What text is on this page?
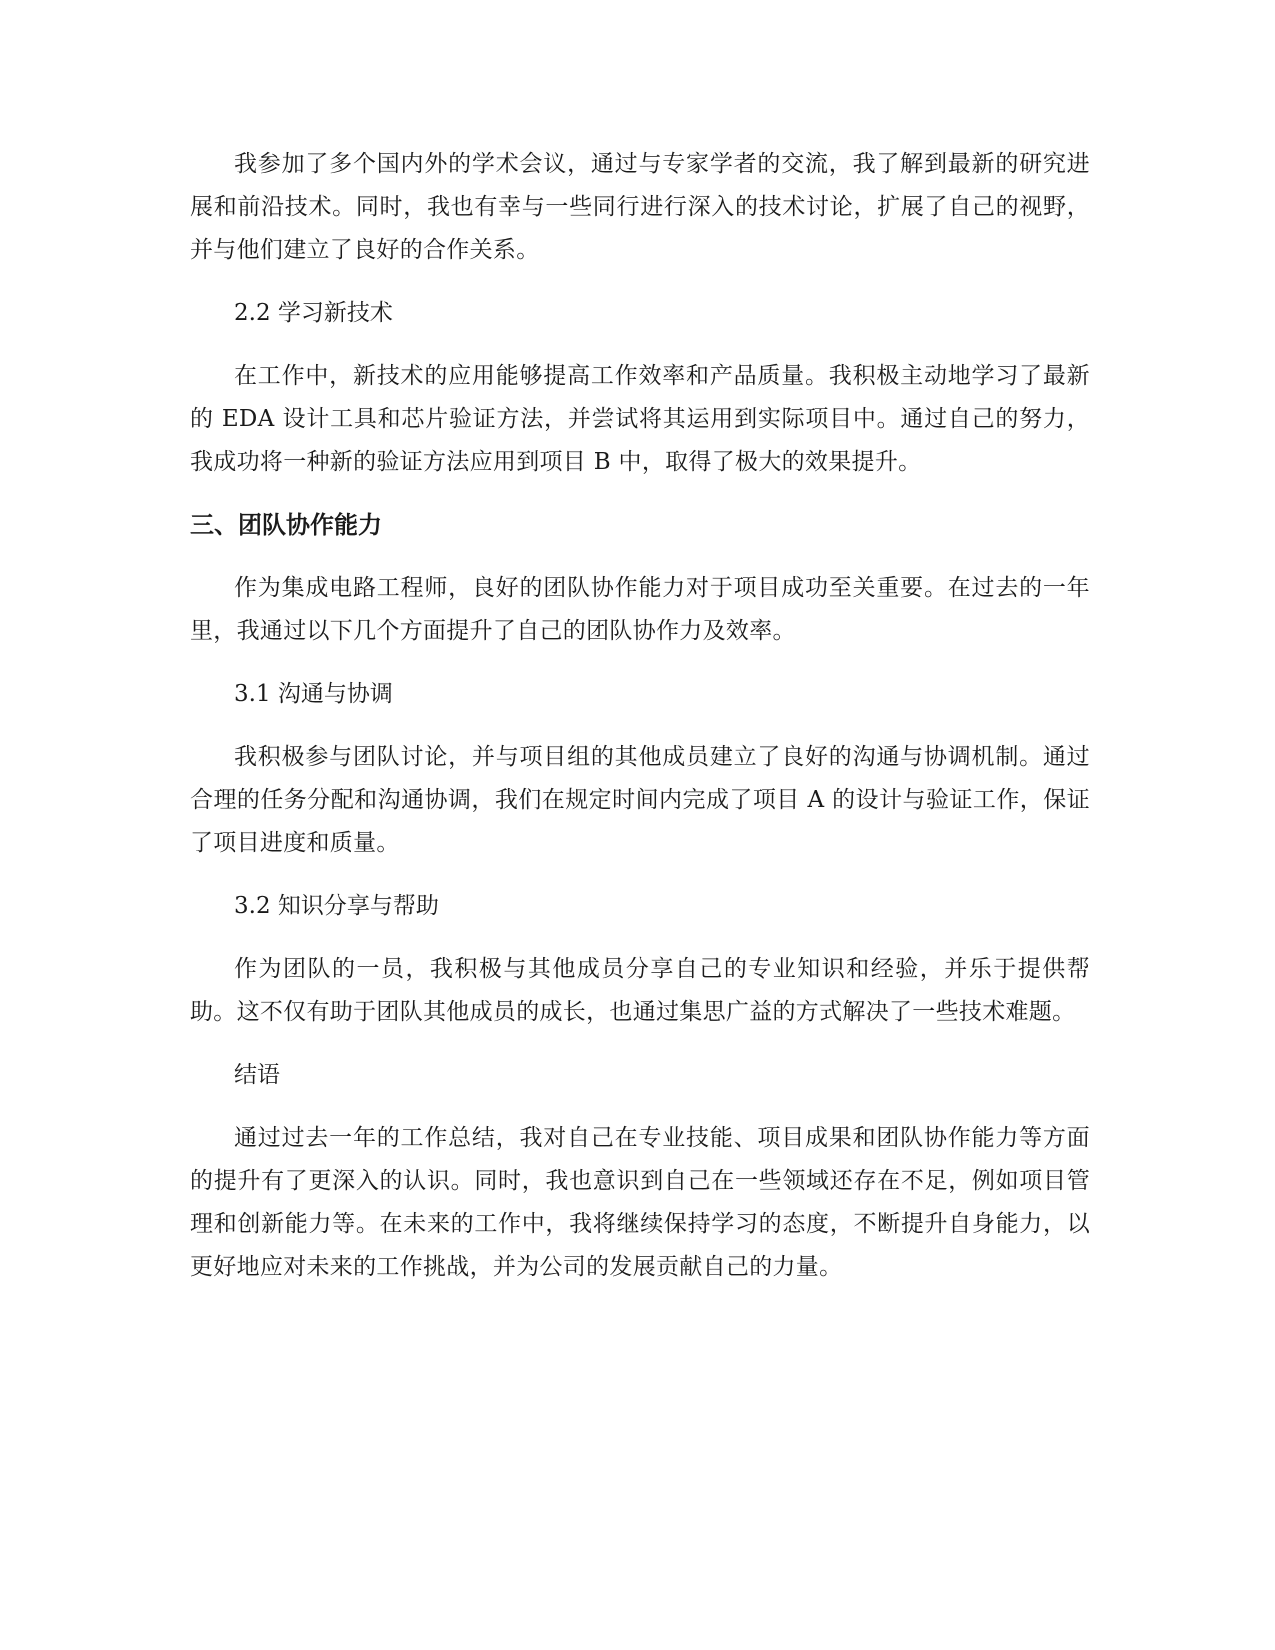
我参加了多个国内外的学术会议，通过与专家学者的交流，我了解到最新的研究进展和前沿技术。同时，我也有幸与一些同行进行深入的技术讨论，扩展了自己的视野，并与他们建立了良好的合作关系。

2.2 学习新技术

在工作中，新技术的应用能够提高工作效率和产品质量。我积极主动地学习了最新的 EDA 设计工具和芯片验证方法，并尝试将其运用到实际项目中。通过自己的努力，我成功将一种新的验证方法应用到项目 B 中，取得了极大的效果提升。

三、团队协作能力

作为集成电路工程师，良好的团队协作能力对于项目成功至关重要。在过去的一年里，我通过以下几个方面提升了自己的团队协作力及效率。

3.1 沟通与协调

我积极参与团队讨论，并与项目组的其他成员建立了良好的沟通与协调机制。通过合理的任务分配和沟通协调，我们在规定时间内完成了项目 A 的设计与验证工作，保证了项目进度和质量。

3.2 知识分享与帮助

作为团队的一员，我积极与其他成员分享自己的专业知识和经验，并乐于提供帮助。这不仅有助于团队其他成员的成长，也通过集思广益的方式解决了一些技术难题。

结语

通过过去一年的工作总结，我对自己在专业技能、项目成果和团队协作能力等方面的提升有了更深入的认识。同时，我也意识到自己在一些领域还存在不足，例如项目管理和创新能力等。在未来的工作中，我将继续保持学习的态度，不断提升自身能力，以更好地应对未来的工作挑战，并为公司的发展贡献自己的力量。
